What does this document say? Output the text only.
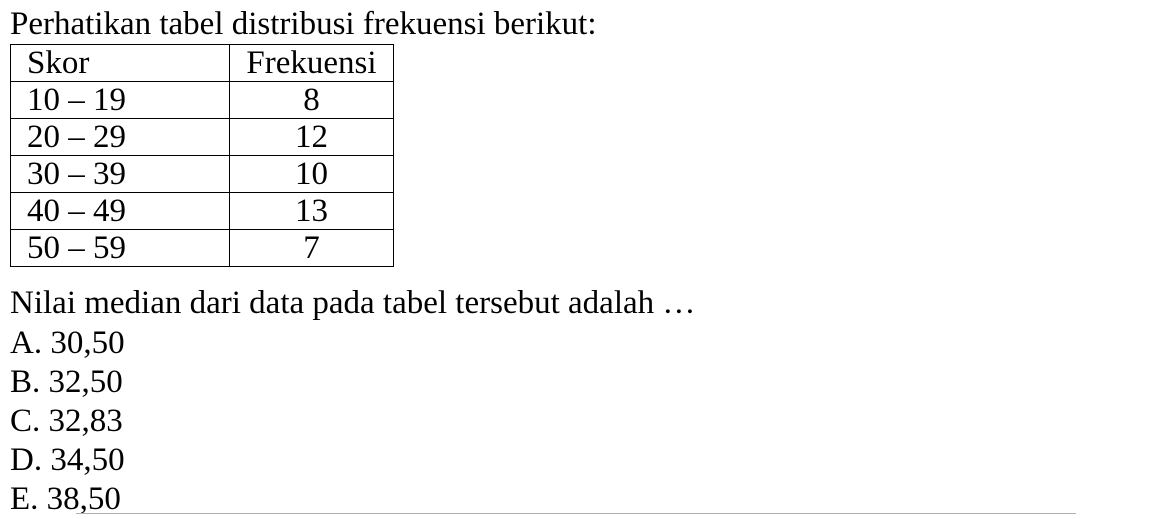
Perhatikan tabel distribusi frekuensi berikut:
Skor	Frekuensi
10 – 19	8
20 – 29	12
30 – 39	10
40 – 49	13
50 – 59	7
Nilai median dari data pada tabel tersebut adalah …
A. 30,50
B. 32,50
C. 32,83
D. 34,50
E. 38,50
